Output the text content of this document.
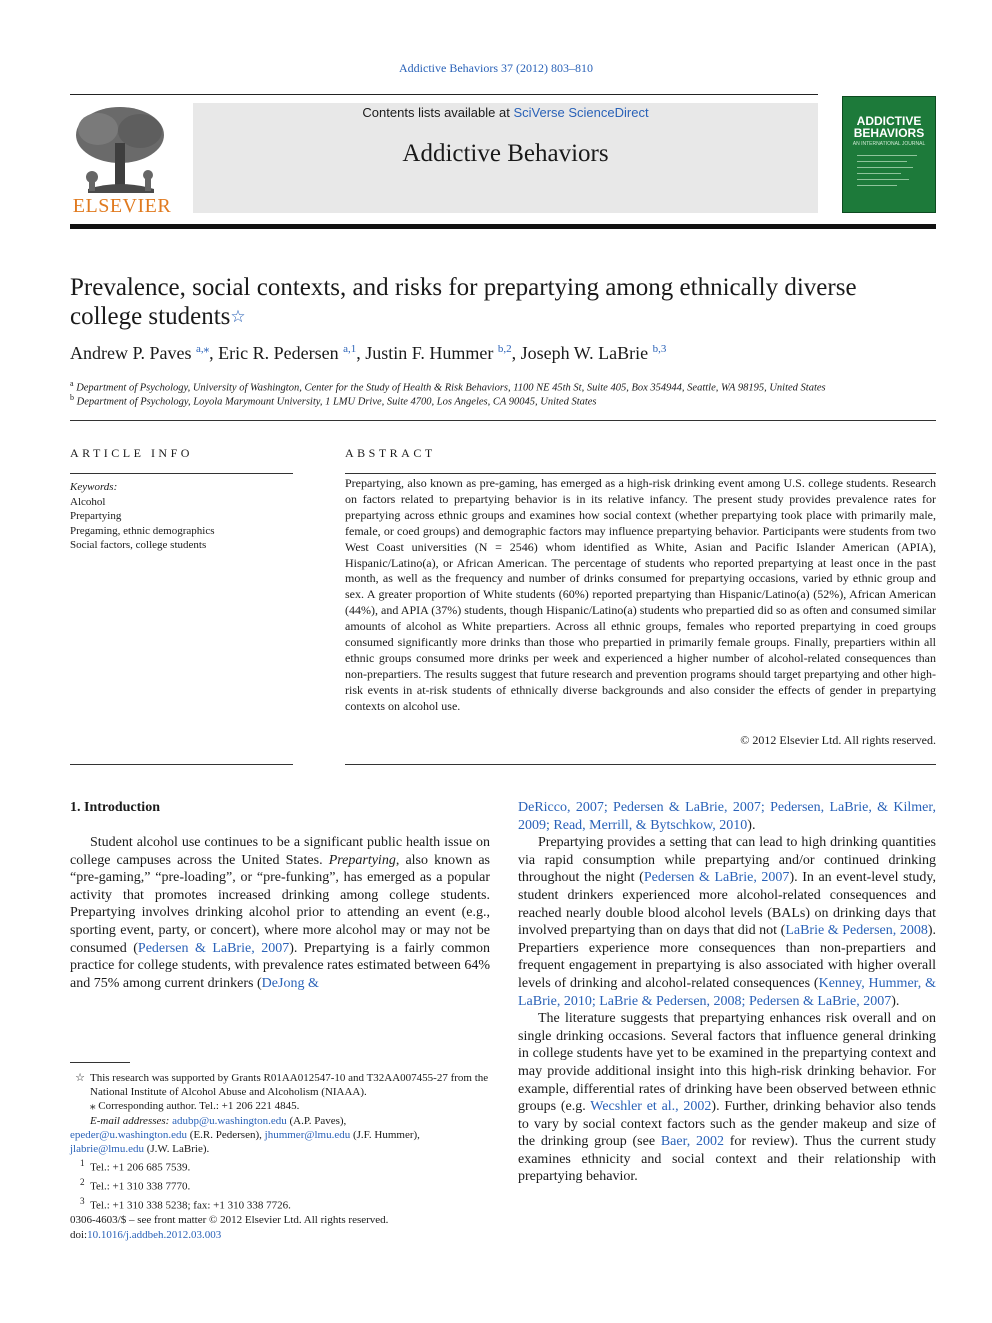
Addictive Behaviors 37 (2012) 803–810
ELSEVIER
Contents lists available at SciVerse ScienceDirect
Addictive Behaviors
ADDICTIVE
BEHAVIORS
AN INTERNATIONAL JOURNAL
Prevalence, social contexts, and risks for prepartying among ethnically diverse
college students☆
Andrew P. Paves $^{a,⁎}$, Eric R. Pedersen $^{a,1}$, Justin F. Hummer $^{b,2}$, Joseph W. LaBrie $^{b,3}$
$^a$ Department of Psychology, University of Washington, Center for the Study of Health & Risk Behaviors, 1100 NE 45th St, Suite 405, Box 354944, Seattle, WA 98195, United States
$^b$ Department of Psychology, Loyola Marymount University, 1 LMU Drive, Suite 4700, Los Angeles, CA 90045, United States
ARTICLE INFO
Keywords:
Alcohol
Prepartying
Pregaming, ethnic demographics
Social factors, college students
ABSTRACT
Prepartying, also known as pre-gaming, has emerged as a high-risk drinking event among U.S. college students. Research on factors related to prepartying behavior is in its relative infancy. The present study provides prevalence rates for prepartying across ethnic groups and examines how social context (whether prepartying took place with primarily male, female, or coed groups) and demographic factors may influence prepartying behavior. Participants were students from two West Coast universities (N = 2546) whom identified as White, Asian and Pacific Islander American (APIA), Hispanic/Latino(a), or African American. The percentage of students who reported prepartying at least once in the past month, as well as the frequency and number of drinks consumed for prepartying occasions, varied by ethnic group and sex. A greater proportion of White students (60%) reported prepartying than Hispanic/Latino(a) (52%), African American (44%), and APIA (37%) students, though Hispanic/Latino(a) students who prepartied did so as often and consumed similar amounts of alcohol as White prepartiers. Across all ethnic groups, females who reported prepartying in coed groups consumed significantly more drinks than those who prepartied in primarily female groups. Finally, prepartiers within all ethnic groups consumed more drinks per week and experienced a higher number of alcohol-related consequences than non-prepartiers. The results suggest that future research and prevention programs should target prepartying and other high-risk events in at-risk students of ethnically diverse backgrounds and also consider the effects of gender in prepartying contexts on alcohol use.
© 2012 Elsevier Ltd. All rights reserved.
1. Introduction

Student alcohol use continues to be a significant public health issue on college campuses across the United States. Prepartying, also known as “pre-gaming,” “pre-loading”, or “pre-funking”, has emerged as a popular activity that promotes increased drinking among college students. Prepartying involves drinking alcohol prior to attending an event (e.g., sporting event, party, or concert), where more alcohol may or may not be consumed (Pedersen & LaBrie, 2007). Prepartying is a fairly common practice for college students, with prevalence rates estimated between 64% and 75% among current drinkers (DeJong &

☆ This research was supported by Grants R01AA012547-10 and T32AA007455-27 from the National Institute of Alcohol Abuse and Alcoholism (NIAAA).
⁎ Corresponding author. Tel.: +1 206 221 4845.
E-mail addresses: adubp@u.washington.edu (A.P. Paves),
epeder@u.washington.edu (E.R. Pedersen), jhummer@lmu.edu (J.F. Hummer),
jlabrie@lmu.edu (J.W. LaBrie).
$^1$ Tel.: +1 206 685 7539.
$^2$ Tel.: +1 310 338 7770.
$^3$ Tel.: +1 310 338 5238; fax: +1 310 338 7726.
0306-4603/$ – see front matter © 2012 Elsevier Ltd. All rights reserved.
doi:10.1016/j.addbeh.2012.03.003

DeRicco, 2007; Pedersen & LaBrie, 2007; Pedersen, LaBrie, & Kilmer, 2009; Read, Merrill, & Bytschkow, 2010).

Prepartying provides a setting that can lead to high drinking quantities via rapid consumption while prepartying and/or continued drinking throughout the night (Pedersen & LaBrie, 2007). In an event-level study, student drinkers experienced more alcohol-related consequences and reached nearly double blood alcohol levels (BALs) on drinking days that involved prepartying than on days that did not (LaBrie & Pedersen, 2008). Prepartiers experience more consequences than non-prepartiers and frequent engagement in prepartying is also associated with higher overall levels of drinking and alcohol-related consequences (Kenney, Hummer, & LaBrie, 2010; LaBrie & Pedersen, 2008; Pedersen & LaBrie, 2007).

The literature suggests that prepartying enhances risk overall and on single drinking occasions. Several factors that influence general drinking in college students have yet to be examined in the prepartying context and may provide additional insight into this high-risk drinking behavior. For example, differential rates of drinking have been observed between ethnic groups (e.g. Wecshler et al., 2002). Further, drinking behavior also tends to vary by social context factors such as the gender makeup and size of the drinking group (see Baer, 2002 for review). Thus the current study examines ethnicity and social context and their relationship with prepartying behavior.
